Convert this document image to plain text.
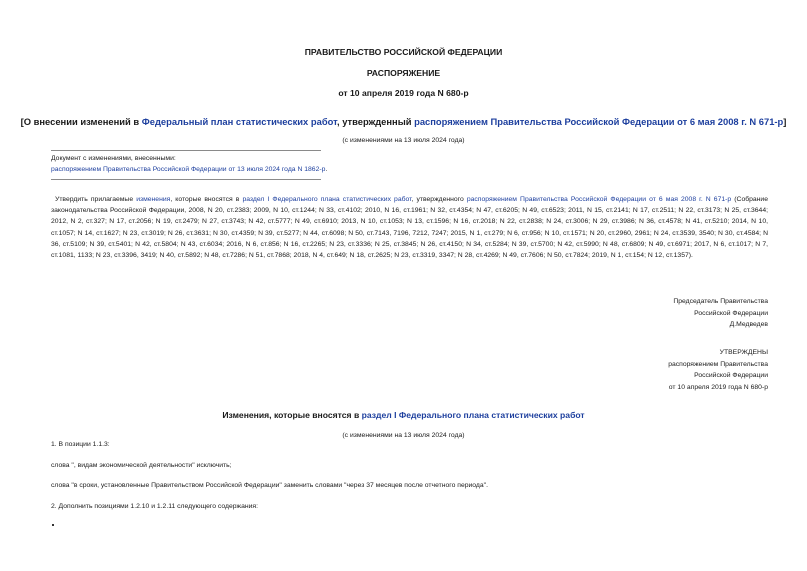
ПРАВИТЕЛЬСТВО РОССИЙСКОЙ ФЕДЕРАЦИИ
РАСПОРЯЖЕНИЕ
от 10 апреля 2019 года N 680-р
[О внесении изменений в Федеральный план статистических работ, утвержденный распоряжением Правительства Российской Федерации от 6 мая 2008 г. N 671-р]
(с изменениями на 13 июля 2024 года)
Документ с изменениями, внесенными:
распоряжением Правительства Российской Федерации от 13 июля 2024 года N 1862-р.

Утвердить прилагаемые изменения, которые вносятся в раздел I Федерального плана статистических работ, утвержденного распоряжением Правительства Российской Федерации от 6 мая 2008 г. N 671-р (Собрание законодательства Российской Федерации, 2008, N 20, ст.2383; 2009, N 10, ст.1244; N 33, ст.4102; 2010, N 16, ст.1961; N 32, ст.4354; N 47, ст.6205; N 49, ст.6523; 2011, N 15, ст.2141; N 17, ст.2511; N 22, ст.3173; N 25, ст.3644; 2012, N 2, ст.327; N 17, ст.2056; N 19, ст.2479; N 27, ст.3743; N 42, ст.5777; N 49, ст.6910; 2013, N 10, ст.1053; N 13, ст.1596; N 16, ст.2018; N 22, ст.2838; N 24, ст.3006; N 29, ст.3986; N 36, ст.4578; N 41, ст.5210; 2014, N 10, ст.1057; N 14, ст.1627; N 23, ст.3019; N 26, ст.3631; N 30, ст.4359; N 39, ст.5277; N 44, ст.6098; N 50, ст.7143, 7196, 7212, 7247; 2015, N 1, ст.279; N 6, ст.956; N 10, ст.1571; N 20, ст.2960, 2961; N 24, ст.3539, 3540; N 30, ст.4584; N 36, ст.5109; N 39, ст.5401; N 42, ст.5804; N 43, ст.6034; 2016, N 6, ст.856; N 16, ст.2265; N 23, ст.3336; N 25, ст.3845; N 26, ст.4150; N 34, ст.5284; N 39, ст.5700; N 42, ст.5990; N 48, ст.6809; N 49, ст.6971; 2017, N 6, ст.1017; N 7, ст.1081, 1133; N 23, ст.3396, 3419; N 40, ст.5892; N 48, ст.7286; N 51, ст.7868; 2018, N 4, ст.649; N 18, ст.2625; N 23, ст.3319, 3347; N 28, ст.4269; N 49, ст.7606; N 50, ст.7824; 2019, N 1, ст.154; N 12, ст.1357).

Председатель Правительства
Российской Федерации
Д.Медведев
УТВЕРЖДЕНЫ
распоряжением Правительства
Российской Федерации
от 10 апреля 2019 года N 680-р
Изменения, которые вносятся в раздел I Федерального плана статистических работ
(с изменениями на 13 июля 2024 года)
1. В позиции 1.1.3:
слова ", видам экономической деятельности" исключить;
слова "в сроки, установленные Правительством Российской Федерации" заменить словами "через 37 месяцев после отчетного периода".
2. Дополнить позициями 1.2.10 и 1.2.11 следующего содержания:
